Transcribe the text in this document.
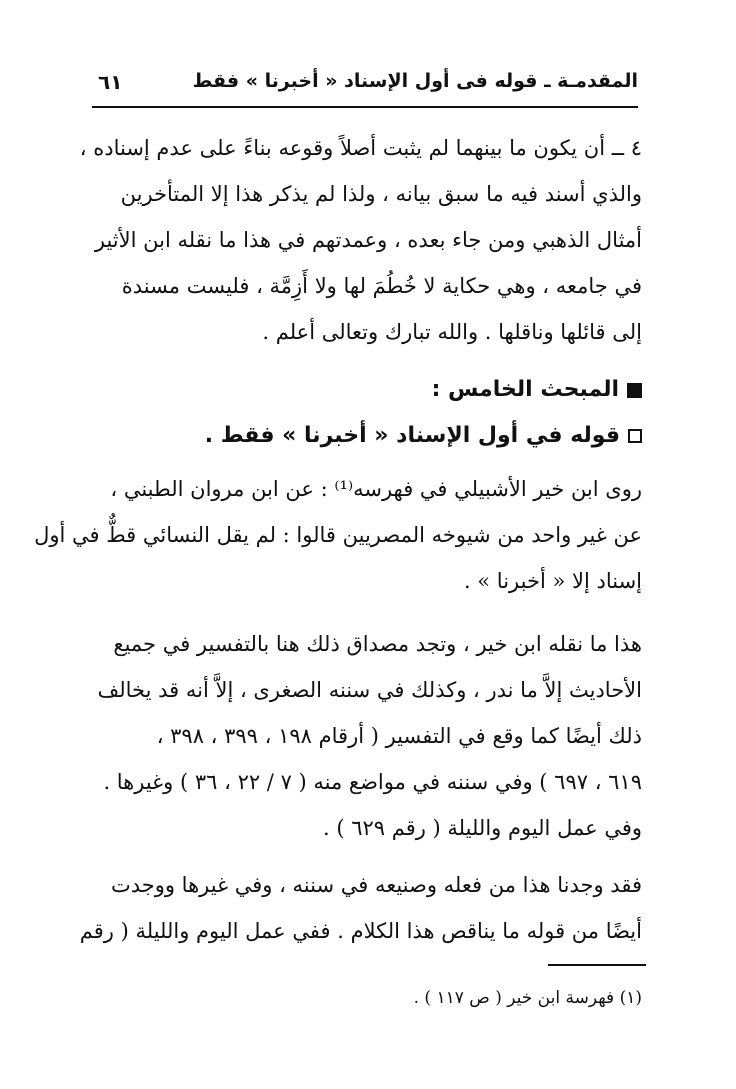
المقدمـة ـ قوله فى أول الإسناد « أخبرنا » فقط
٦١
٤ ــ أن يكون ما بينهما لم يثبت أصلاً وقوعه بناءً على عدم إسناده ،
والذي أسند فيه ما سبق بيانه ، ولذا لم يذكر هذا إلا المتأخرين
أمثال الذهبي ومن جاء بعده ، وعمدتهم في هذا ما نقله ابن الأثير
في جامعه ، وهي حكاية لا خُطُمَ لها ولا أَزِمَّة ، فليست مسندة
إلى قائلها وناقلها . والله تبارك وتعالى أعلم .
المبحث الخامس :
قوله في أول الإسناد « أخبرنا » فقط .
روى ابن خير الأشبيلي في فهرسه⁽¹⁾ : عن ابن مروان الطبني ،
عن غير واحد من شيوخه المصريين قالوا : لم يقل النسائي قطٌّ في أول
إسناد إلا « أخبرنا » .
هذا ما نقله ابن خير ، وتجد مصداق ذلك هنا بالتفسير في جميع
الأحاديث إلاَّ ما ندر ، وكذلك في سننه الصغرى ، إلاَّ أنه قد يخالف
ذلك أيضًا كما وقع في التفسير ( أرقام ١٩٨ ، ٣٩٩ ، ٣٩٨ ،
٦١٩ ، ٦٩٧ ) وفي سننه في مواضع منه ( ٧ / ٢٢ ، ٣٦ ) وغيرها .
وفي عمل اليوم والليلة ( رقم ٦٢٩ ) .
فقد وجدنا هذا من فعله وصنيعه في سننه ، وفي غيرها ووجدت
أيضًا من قوله ما يناقص هذا الكلام . ففي عمل اليوم والليلة ( رقم
(١) فهرسة ابن خير ( ص ١١٧ ) .
